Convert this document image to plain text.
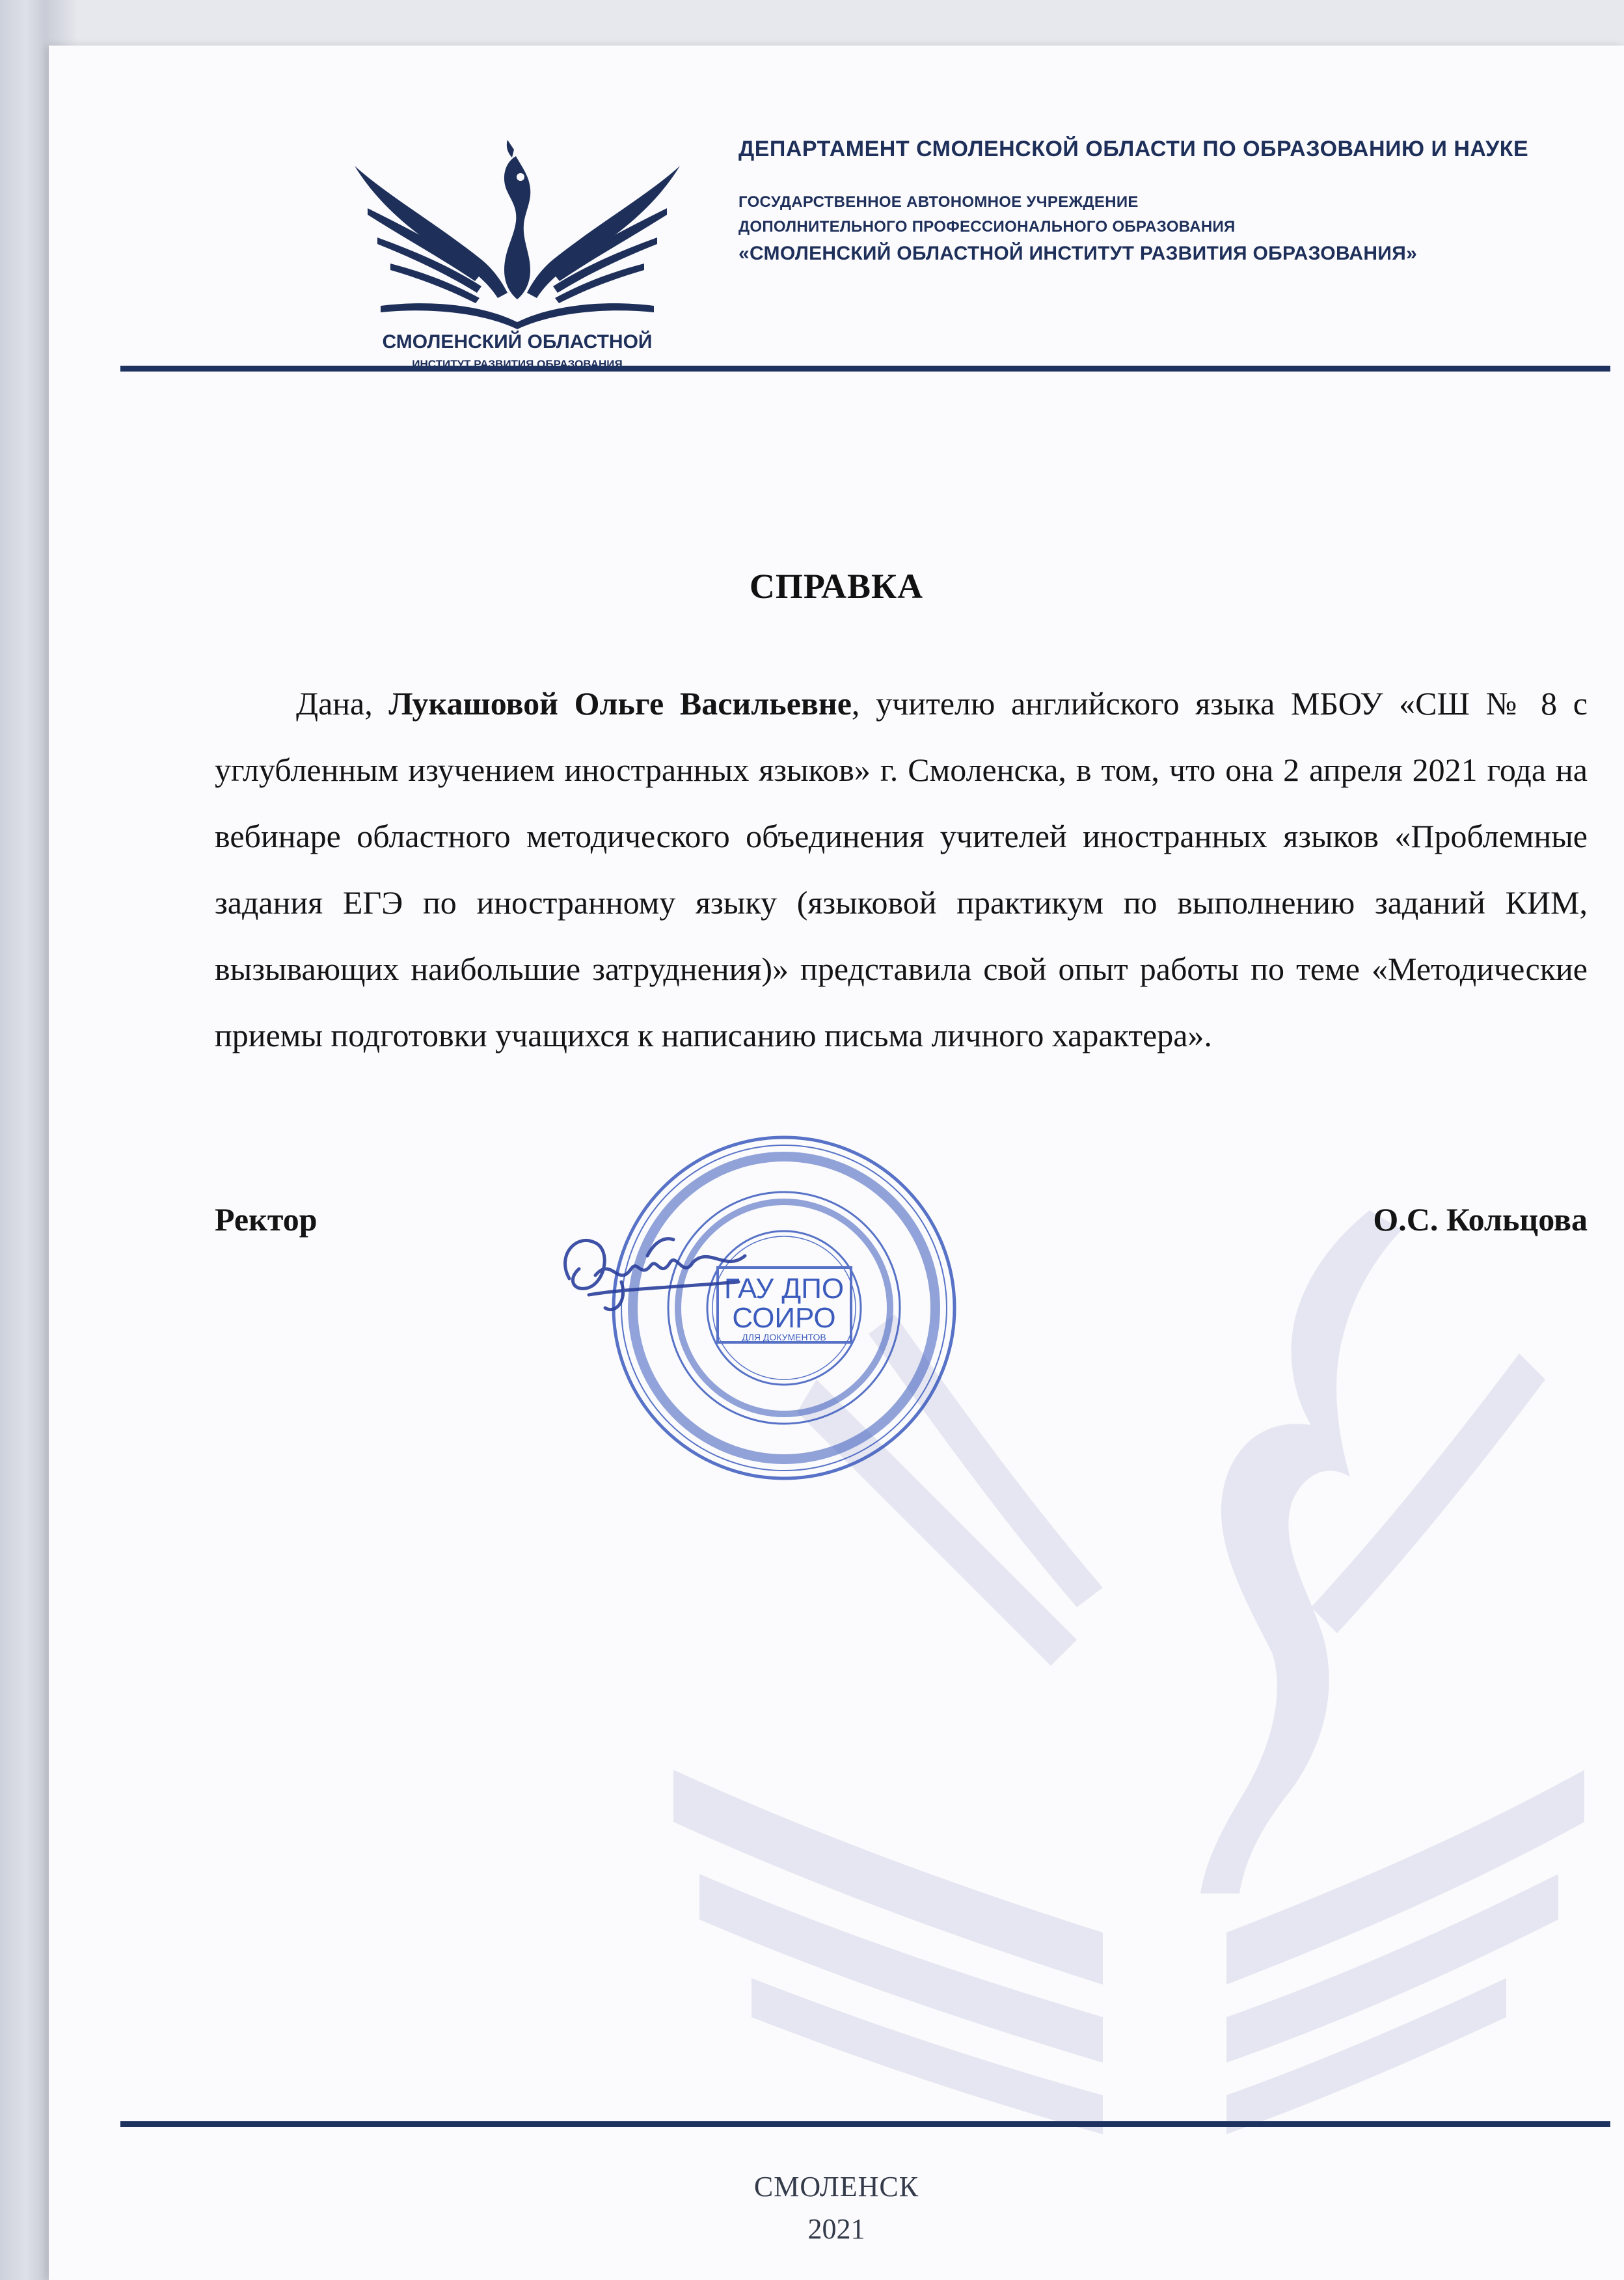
СМОЛЕНСКИЙ ОБЛАСТНОЙ
ИНСТИТУТ РАЗВИТИЯ ОБРАЗОВАНИЯ
ДЕПАРТАМЕНТ СМОЛЕНСКОЙ ОБЛАСТИ ПО ОБРАЗОВАНИЮ И НАУКЕ
ГОСУДАРСТВЕННОЕ АВТОНОМНОЕ УЧРЕЖДЕНИЕ
ДОПОЛНИТЕЛЬНОГО ПРОФЕССИОНАЛЬНОГО ОБРАЗОВАНИЯ
«СМОЛЕНСКИЙ ОБЛАСТНОЙ ИНСТИТУТ РАЗВИТИЯ ОБРАЗОВАНИЯ»
СПРАВКА

Дана, Лукашовой Ольге Васильевне, учителю английского языка МБОУ «СШ № 8 с углубленным изучением иностранных языков» г. Смоленска, в том, что она 2 апреля 2021 года на вебинаре областного методического объединения учителей иностранных языков «Проблемные задания ЕГЭ по иностранному языку (языковой практикум по выполнению заданий КИМ, вызывающих наибольшие затруднения)» представила свой опыт работы по теме «Методические приемы подготовки учащихся к написанию письма личного характера».

ГАУ ДПО
СОИРО
ДЛЯ ДОКУМЕНТОВ
Ректор	О.С. Кольцова
СМОЛЕНСК
2021
